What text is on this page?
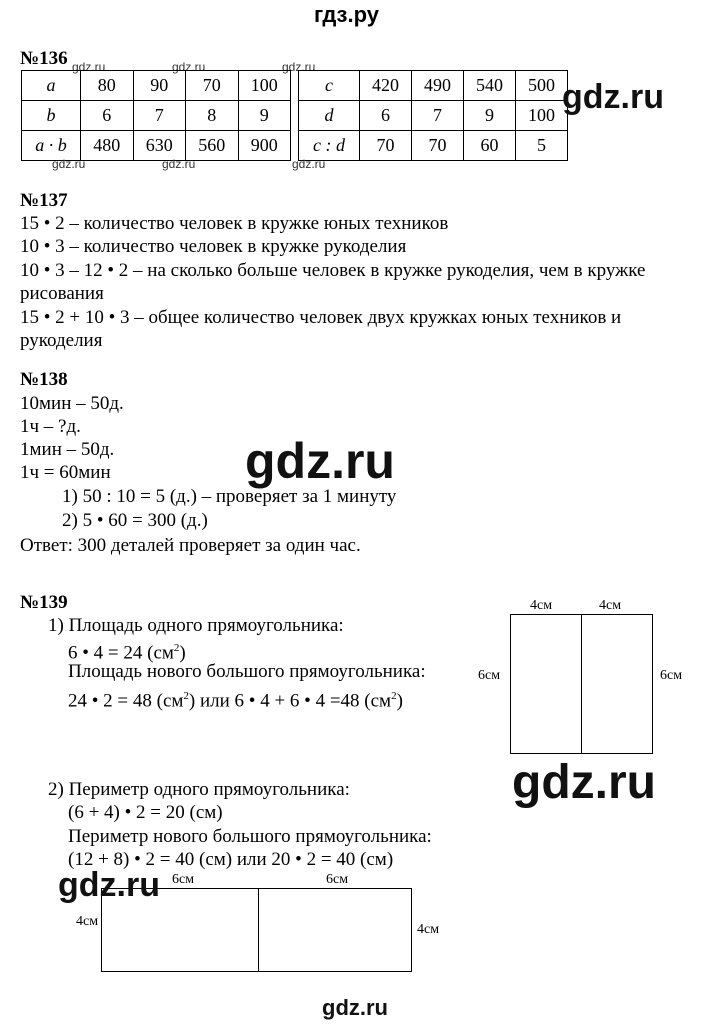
гдз.ру
№136 gdz.ru	gdz.ru	gdz.ru
a	80	90	70	100
b	6	7	8	9
a · b	480	630	560	900
c	420	490	540	500
d	6	7	9	100
c : d	70	70	60	5
gdz.ru
gdz.ru	gdz.ru	gdz.ru
№137
15 • 2 – количество человек в кружке юных техников
10 • 3 – количество человек в кружке рукоделия
10 • 3 – 12 • 2 – на сколько больше человек в кружке рукоделия, чем в кружке
рисования
15 • 2 + 10 • 3 – общее количество человек двух кружках юных техников и
рукоделия
№138
10мин – 50д.
1ч – ?д.
1мин – 50д.
1ч = 60мин
1) 50 : 10 = 5 (д.) – проверяет за 1 минуту
2) 5 • 60 = 300 (д.)
Ответ: 300 деталей проверяет за один час.
gdz.ru
№139
1) Площадь одного прямоугольника:
6 • 4 = 24 $(см^2)$
Площадь нового большого прямоугольника:
24 • 2 = 48 $(см^2)$ или 6 • 4 + 6 • 4 =48 $(см^2)$
4см	4см
6см	6см
gdz.ru
2) Периметр одного прямоугольника:
(6 + 4) • 2 = 20 (см)
Периметр нового большого прямоугольника:
(12 + 8) • 2 = 40 (см) или 20 • 2 = 40 (см)
6см	6см
4см
4см
gdz.ru
gdz.ru
